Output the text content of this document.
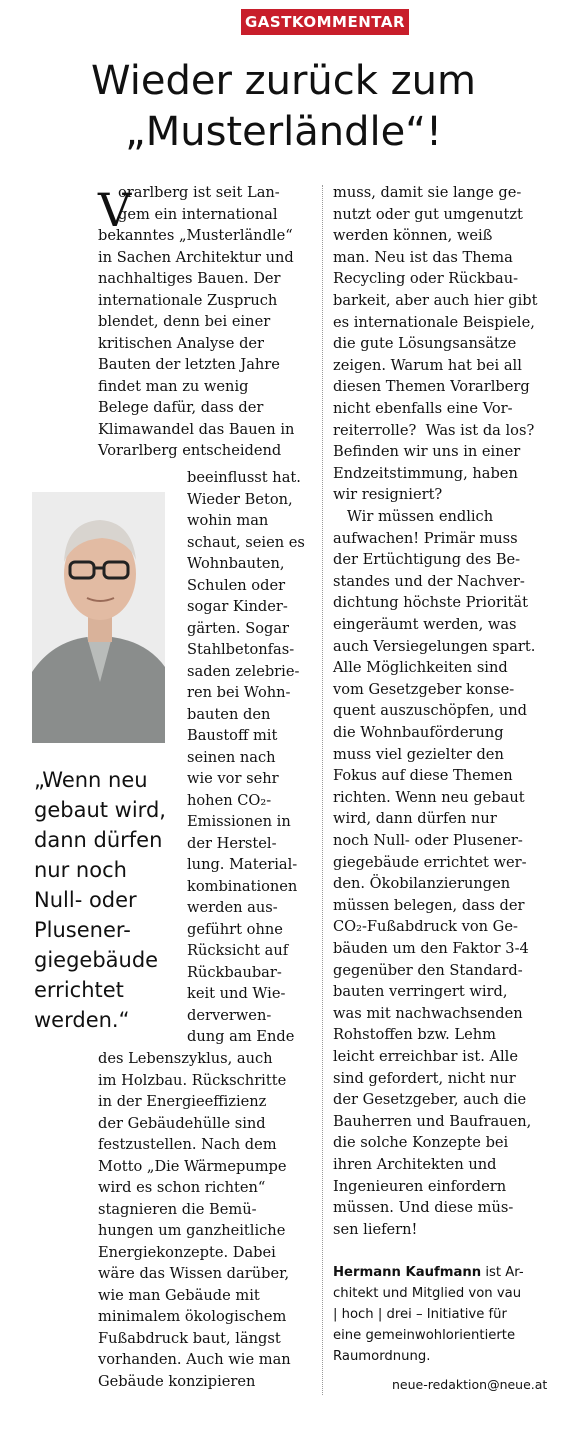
GASTKOMMENTAR
Wieder zurück zum
„Musterländle“!
V
orarlberg ist seit Lan-
gem ein international
bekanntes „Musterländle“
in Sachen Architektur und
nachhaltiges Bauen. Der
internationale Zuspruch
blendet, denn bei einer
kritischen Analyse der
Bauten der letzten Jahre
findet man zu wenig
Belege dafür, dass der
Klimawandel das Bauen in
Vorarlberg entscheidend
beeinflusst hat.
Wieder Beton,
wohin man
schaut, seien es
Wohnbauten,
Schulen oder
sogar Kinder-
gärten. Sogar
Stahlbetonfas-
saden zelebrie-
ren bei Wohn-
bauten den
Baustoff mit
seinen nach
wie vor sehr
hohen CO₂-
Emissionen in
der Herstel-
lung. Material-
kombinationen
werden aus-
geführt ohne
Rücksicht auf
Rückbaubar-
keit und Wie-
derverwen-
dung am Ende
des Lebenszyklus, auch
im Holzbau. Rückschritte
in der Energieeffizienz
der Gebäudehülle sind
festzustellen. Nach dem
Motto „Die Wärmepumpe
wird es schon richten“
stagnieren die Bemü-
hungen um ganzheitliche
Energiekonzepte. Dabei
wäre das Wissen darüber,
wie man Gebäude mit
minimalem ökologischem
Fußabdruck baut, längst
vorhanden. Auch wie man
Gebäude konzipieren
„Wenn neu
gebaut wird,
dann dürfen
nur noch
Null- oder
Plusener-
giegebäude
errichtet
werden.“
muss, damit sie lange ge-
nutzt oder gut umgenutzt
werden können, weiß
man. Neu ist das Thema
Recycling oder Rückbau-
barkeit, aber auch hier gibt
es internationale Beispiele,
die gute Lösungsansätze
zeigen. Warum hat bei all
diesen Themen Vorarlberg
nicht ebenfalls eine Vor-
reiterrolle?  Was ist da los?
Befinden wir uns in einer
Endzeitstimmung, haben
wir resigniert?
Wir müssen endlich
aufwachen! Primär muss
der Ertüchtigung des Be-
standes und der Nachver-
dichtung höchste Priorität
eingeräumt werden, was
auch Versiegelungen spart.
Alle Möglichkeiten sind
vom Gesetzgeber konse-
quent auszuschöpfen, und
die Wohnbauförderung
muss viel gezielter den
Fokus auf diese Themen
richten. Wenn neu gebaut
wird, dann dürfen nur
noch Null- oder Plusener-
giegebäude errichtet wer-
den. Ökobilanzierungen
müssen belegen, dass der
CO₂-Fußabdruck von Ge-
bäuden um den Faktor 3-4
gegenüber den Standard-
bauten verringert wird,
was mit nachwachsenden
Rohstoffen bzw. Lehm
leicht erreichbar ist. Alle
sind gefordert, nicht nur
der Gesetzgeber, auch die
Bauherren und Baufrauen,
die solche Konzepte bei
ihren Architekten und
Ingenieuren einfordern
müssen. Und diese müs-
sen liefern!
Hermann Kaufmann ist Ar-
chitekt und Mitglied von vau
| hoch | drei – Initiative für
eine gemeinwohlorientierte
Raumordnung.
neue-redaktion@neue.at
